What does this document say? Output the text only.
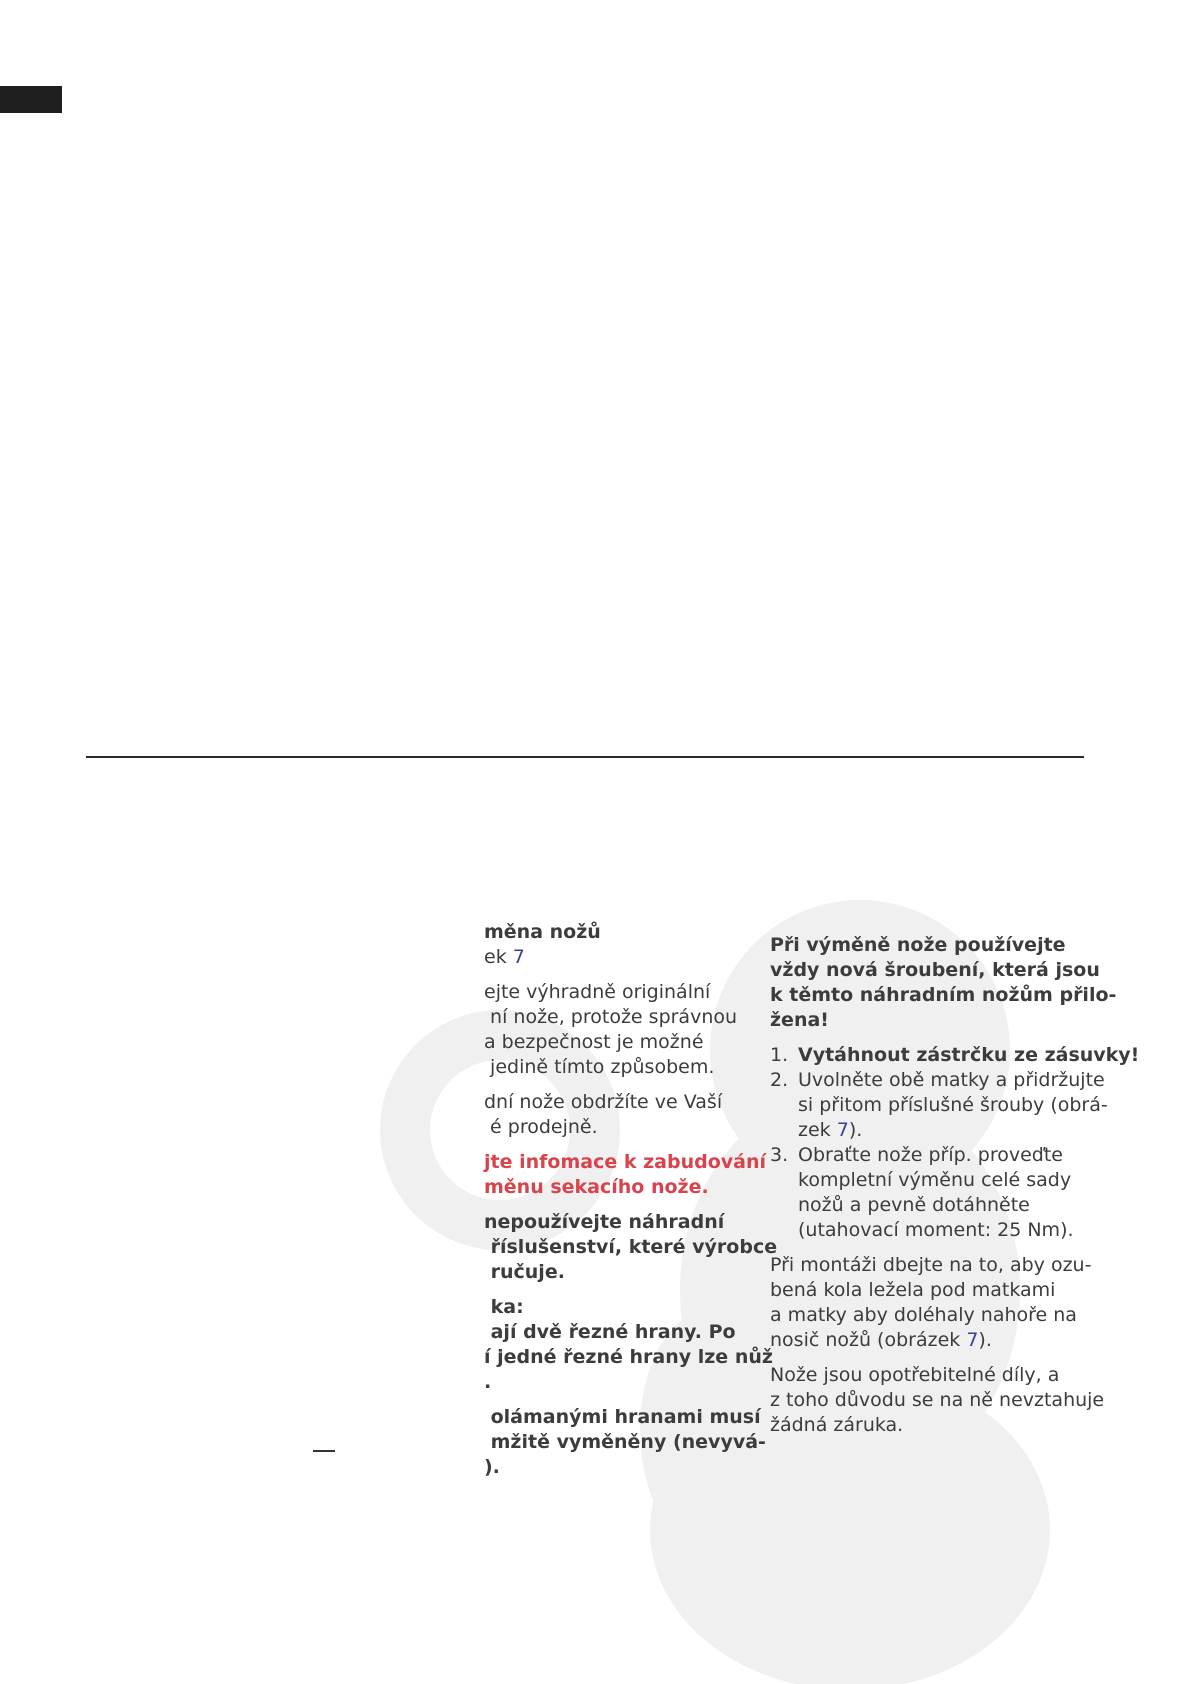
měna nožů

ek 7

ejte výhradně originální

ní nože, protože správnou

a bezpečnost je možné

jedině tímto způsobem.

dní nože obdržíte ve Vaší

é prodejně.

jte infomace k zabudování

měnu sekacího nože.

nepoužívejte náhradní

říslušenství, které výrobce

ručuje.

ka:

ají dvě řezné hrany. Po

í jedné řezné hrany lze nůž

.

olámanými hranami musí

mžitě vyměněny (nevyvá-

).

Při výměně nože používejte

vždy nová šroubení, která jsou

k těmto náhradním nožům přilo-

žena!

1. Vytáhnout zástrčku ze zásuvky!
2. Uvolněte obě matky a přidržujte
si přitom příslušné šrouby (obrá-
zek 7).
3. Obraťte nože příp. proveďte
kompletní výměnu celé sady
nožů a pevně dotáhněte
(utahovací moment: 25 Nm).

Při montáži dbejte na to, aby ozu-

bená kola ležela pod matkami

a matky aby doléhaly nahoře na

nosič nožů (obrázek 7).

Nože jsou opotřebitelné díly, a

z toho důvodu se na ně nevztahuje

žádná záruka.
